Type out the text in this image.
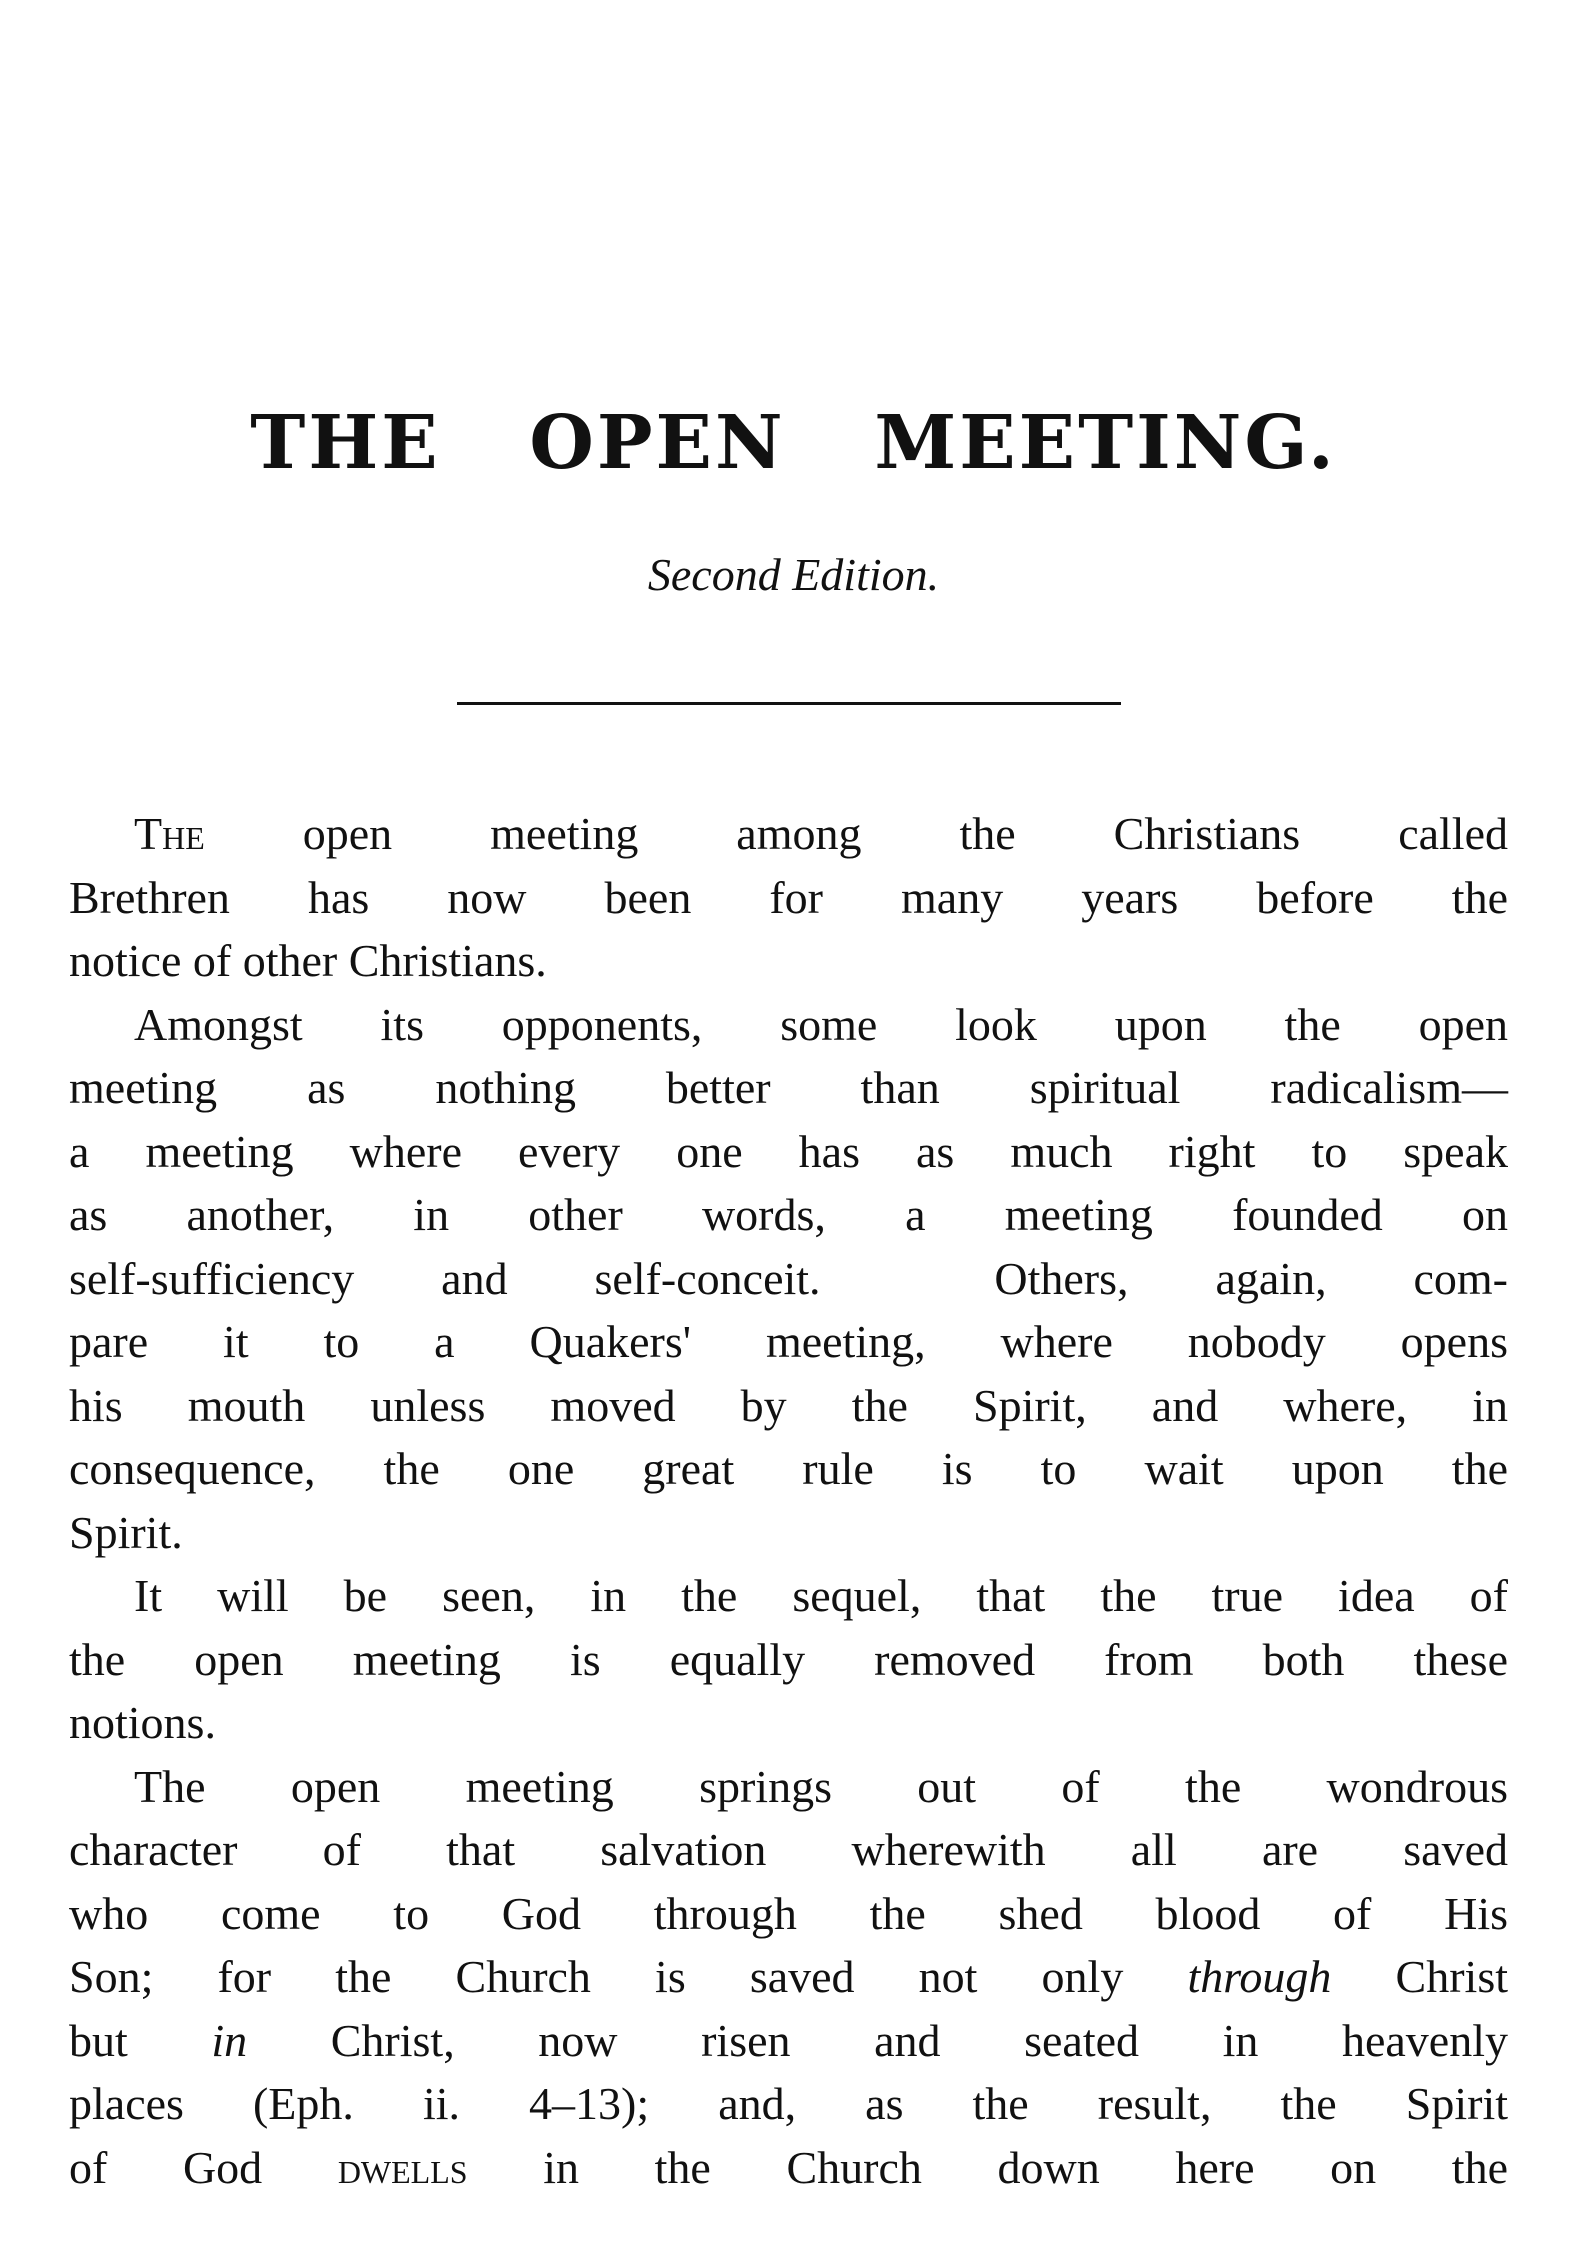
THE OPEN MEETING.
Second Edition.
The open meeting among the Christians called
Brethren has now been for many years before the
notice of other Christians.
Amongst its opponents, some look upon the open
meeting as nothing better than spiritual radicalism—
a meeting where every one has as much right to speak
as another, in other words, a meeting founded on
self-sufficiency and self-conceit.  Others, again, com-
pare it to a Quakers' meeting, where nobody opens
his mouth unless moved by the Spirit, and where, in
consequence, the one great rule is to wait upon the
Spirit.
It will be seen, in the sequel, that the true idea of
the open meeting is equally removed from both these
notions.
The open meeting springs out of the wondrous
character of that salvation wherewith all are saved
who come to God through the shed blood of His
Son; for the Church is saved not only through Christ
but in Christ, now risen and seated in heavenly
places (Eph. ii. 4–13); and, as the result, the Spirit
of God dwells in the Church down here on the
